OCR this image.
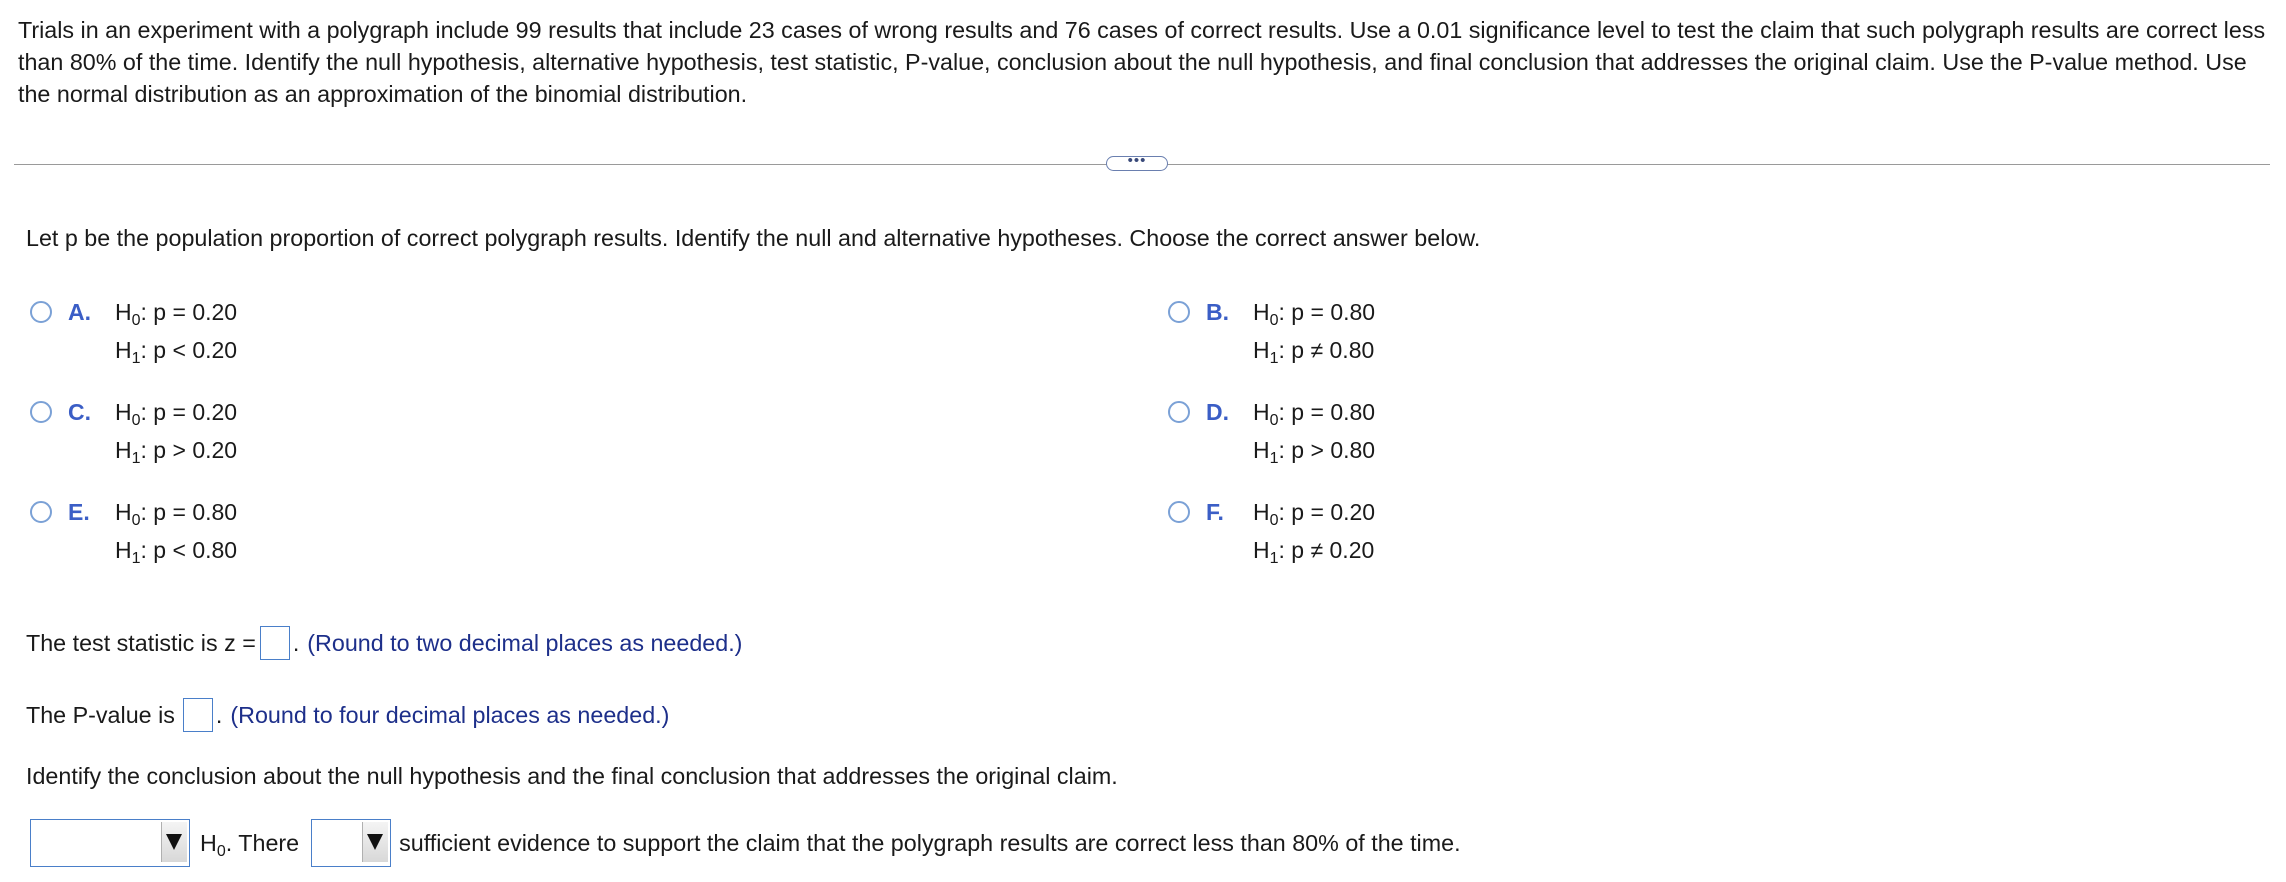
Trials in an experiment with a polygraph include 99 results that include 23 cases of wrong results and 76 cases of correct results. Use a 0.01 significance level to test the claim that such polygraph results are correct less than 80% of the time. Identify the null hypothesis, alternative hypothesis, test statistic, P-value, conclusion about the null hypothesis, and final conclusion that addresses the original claim. Use the P-value method. Use the normal distribution as an approximation of the binomial distribution.
•••
Let p be the population proportion of correct polygraph results. Identify the null and alternative hypotheses. Choose the correct answer below.
A. $H_0$: p = 0.20
$H_1$: p < 0.20
B. $H_0$: p = 0.80
$H_1$: p ≠ 0.80
C. $H_0$: p = 0.20
$H_1$: p > 0.20
D. $H_0$: p = 0.80
$H_1$: p > 0.80
E. $H_0$: p = 0.80
$H_1$: p < 0.80
F. $H_0$: p = 0.20
$H_1$: p ≠ 0.20
The test statistic is z = . (Round to two decimal places as needed.)
The P-value is . (Round to four decimal places as needed.)
Identify the conclusion about the null hypothesis and the final conclusion that addresses the original claim.
$H_0$ . There	sufficient evidence to support the claim that the polygraph results are correct less than 80% of the time.
